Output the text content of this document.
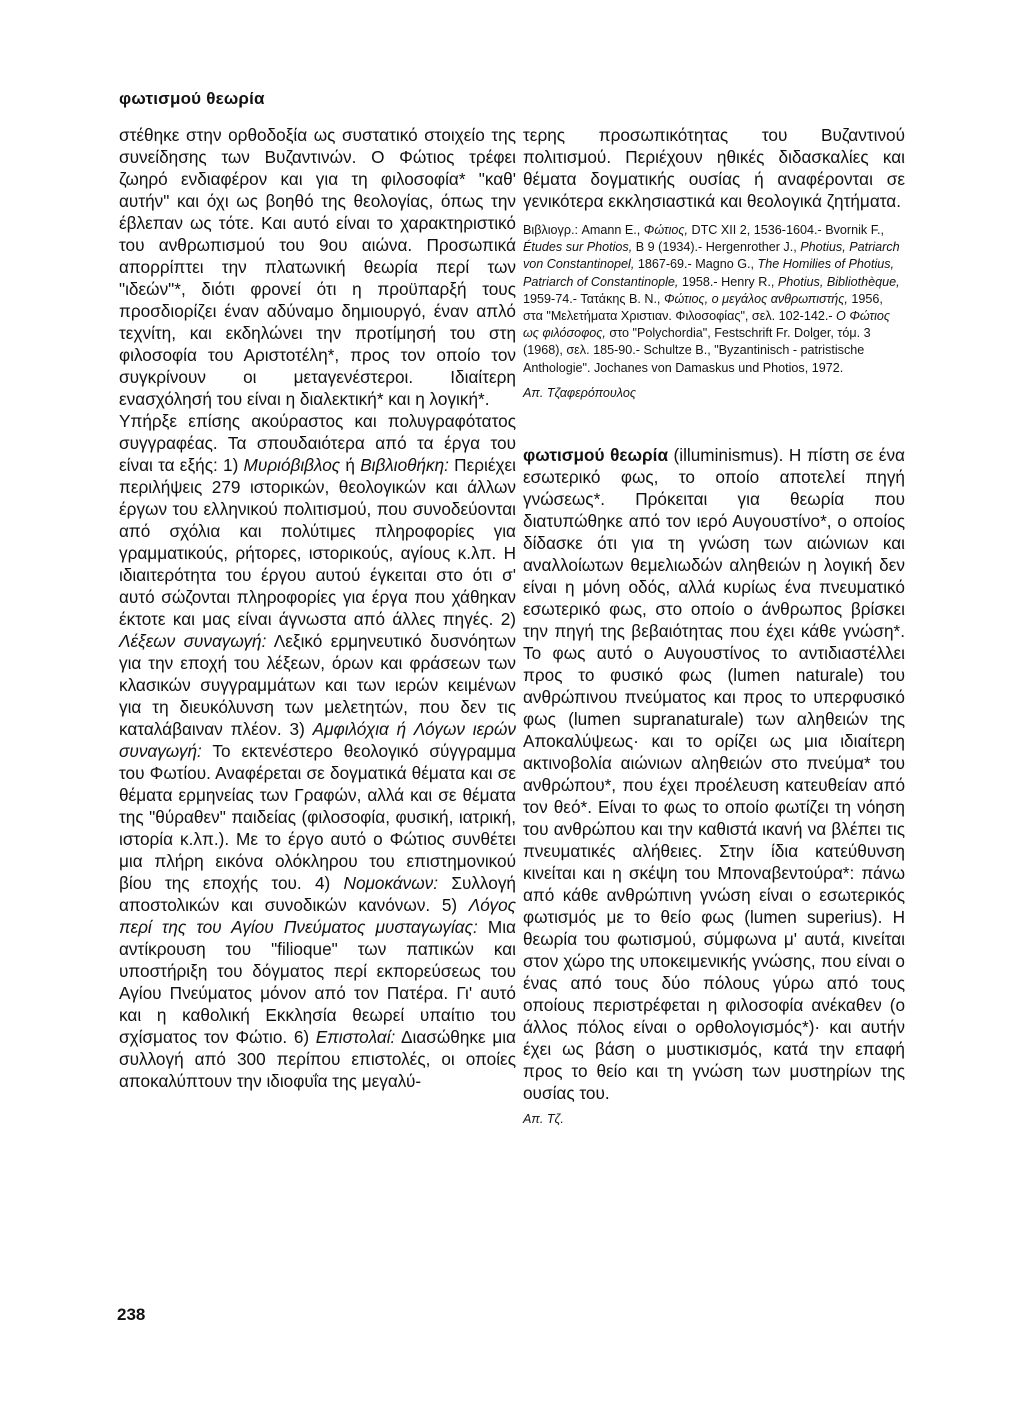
φωτισμού θεωρία

στέθηκε στην ορθοδοξία ως συστατικό στοιχείο της συνείδησης των Βυζαντινών. Ο Φώτιος τρέφει ζωηρό ενδιαφέρον και για τη φιλοσοφία* "καθ' αυτήν" και όχι ως βοηθό της θεολογίας, όπως την έβλεπαν ως τότε. Και αυτό είναι το χαρακτηριστικό του ανθρωπισμού του 9ου αιώνα. Προσωπικά απορρίπτει την πλατωνική θεωρία περί των "ιδεών"*, διότι φρονεί ότι η προϋπαρξή τους προσδιορίζει έναν αδύναμο δημιουργό, έναν απλό τεχνίτη, και εκδηλώνει την προτίμησή του στη φιλοσοφία του Αριστοτέλη*, προς τον οποίο τον συγκρίνουν οι μεταγενέστεροι. Ιδιαίτερη ενασχόλησή του είναι η διαλεκτική* και η λογική*.

Υπήρξε επίσης ακούραστος και πολυγραφότατος συγγραφέας. Τα σπουδαιότερα από τα έργα του είναι τα εξής: 1) Μυριόβιβλος ή Βιβλιοθήκη: Περιέχει περιλήψεις 279 ιστορικών, θεολογικών και άλλων έργων του ελληνικού πολιτισμού, που συνοδεύονται από σχόλια και πολύτιμες πληροφορίες για γραμματικούς, ρήτορες, ιστορικούς, αγίους κ.λπ. Η ιδιαιτερότητα του έργου αυτού έγκειται στο ότι σ' αυτό σώζονται πληροφορίες για έργα που χάθηκαν έκτοτε και μας είναι άγνωστα από άλλες πηγές. 2) Λέξεων συναγωγή: Λεξικό ερμηνευτικό δυσνόητων για την εποχή του λέξεων, όρων και φράσεων των κλασικών συγγραμμάτων και των ιερών κειμένων για τη διευκόλυνση των μελετητών, που δεν τις καταλάβαιναν πλέον. 3) Αμφιλόχια ή Λόγων ιερών συναγωγή: Το εκτενέστερο θεολογικό σύγγραμμα του Φωτίου. Αναφέρεται σε δογματικά θέματα και σε θέματα ερμηνείας των Γραφών, αλλά και σε θέματα της "θύραθεν" παιδείας (φιλοσοφία, φυσική, ιατρική, ιστορία κ.λπ.). Με το έργο αυτό ο Φώτιος συνθέτει μια πλήρη εικόνα ολόκληρου του επιστημονικού βίου της εποχής του. 4) Νομοκάνων: Συλλογή αποστολικών και συνοδικών κανόνων. 5) Λόγος περί της του Αγίου Πνεύματος μυσταγωγίας: Μια αντίκρουση του "filioque" των παπικών και υποστήριξη του δόγματος περί εκπορεύσεως του Αγίου Πνεύματος μόνον από τον Πατέρα. Γι' αυτό και η καθολική Εκκλησία θεωρεί υπαίτιο του σχίσματος τον Φώτιο. 6) Επιστολαί: Διασώθηκε μια συλλογή από 300 περίπου επιστολές, οι οποίες αποκαλύπτουν την ιδιοφυΐα της μεγαλύ-

τερης προσωπικότητας του Βυζαντινού πολιτισμού. Περιέχουν ηθικές διδασκαλίες και θέματα δογματικής ουσίας ή αναφέρονται σε γενικότερα εκκλησιαστικά και θεολογικά ζητήματα.

Βιβλιογρ.: Amann E., Φώτιος, DTC XII 2, 1536-1604.- Bvornik F., Études sur Photios, B 9 (1934).- Hergenrother J., Photius, Patriarch von Constantinopel, 1867-69.- Magno G., The Homilies of Photius, Patriarch of Constantinople, 1958.- Henry R., Photius, Bibliothèque, 1959-74.- Τατάκης Β. Ν., Φώτιος, ο μεγάλος ανθρωπιστής, 1956, στα "Μελετήματα Χριστιαν. Φιλοσοφίας", σελ. 102-142.- Ο Φώτιος ως φιλόσοφος, στο "Polychordia", Festschrift Fr. Dolger, τόμ. 3 (1968), σελ. 185-90.- Schultze B., "Byzantinisch - patristische Anthologie". Jochanes von Damaskus und Photios, 1972.

Απ. Τζαφερόπουλος

φωτισμού θεωρία (illuminismus). Η πίστη σε ένα εσωτερικό φως, το οποίο αποτελεί πηγή γνώσεως*. Πρόκειται για θεωρία που διατυπώθηκε από τον ιερό Αυγουστίνο*, ο οποίος δίδασκε ότι για τη γνώση των αιώνιων και αναλλοίωτων θεμελιωδών αληθειών η λογική δεν είναι η μόνη οδός, αλλά κυρίως ένα πνευματικό εσωτερικό φως, στο οποίο ο άνθρωπος βρίσκει την πηγή της βεβαιότητας που έχει κάθε γνώση*. Το φως αυτό ο Αυγουστίνος το αντιδιαστέλλει προς το φυσικό φως (lumen naturale) του ανθρώπινου πνεύματος και προς το υπερφυσικό φως (lumen supranaturale) των αληθειών της Αποκαλύψεως· και το ορίζει ως μια ιδιαίτερη ακτινοβολία αιώνιων αληθειών στο πνεύμα* του ανθρώπου*, που έχει προέλευση κατευθείαν από τον θεό*. Είναι το φως το οποίο φωτίζει τη νόηση του ανθρώπου και την καθιστά ικανή να βλέπει τις πνευματικές αλήθειες. Στην ίδια κατεύθυνση κινείται και η σκέψη του Μποναβεντούρα*: πάνω από κάθε ανθρώπινη γνώση είναι ο εσωτερικός φωτισμός με το θείο φως (lumen superius). Η θεωρία του φωτισμού, σύμφωνα μ' αυτά, κινείται στον χώρο της υποκειμενικής γνώσης, που είναι ο ένας από τους δύο πόλους γύρω από τους οποίους περιστρέφεται η φιλοσοφία ανέκαθεν (ο άλλος πόλος είναι ο ορθολογισμός*)· και αυτήν έχει ως βάση ο μυστικισμός, κατά την επαφή προς το θείο και τη γνώση των μυστηρίων της ουσίας του.

Απ. Τζ.

238
